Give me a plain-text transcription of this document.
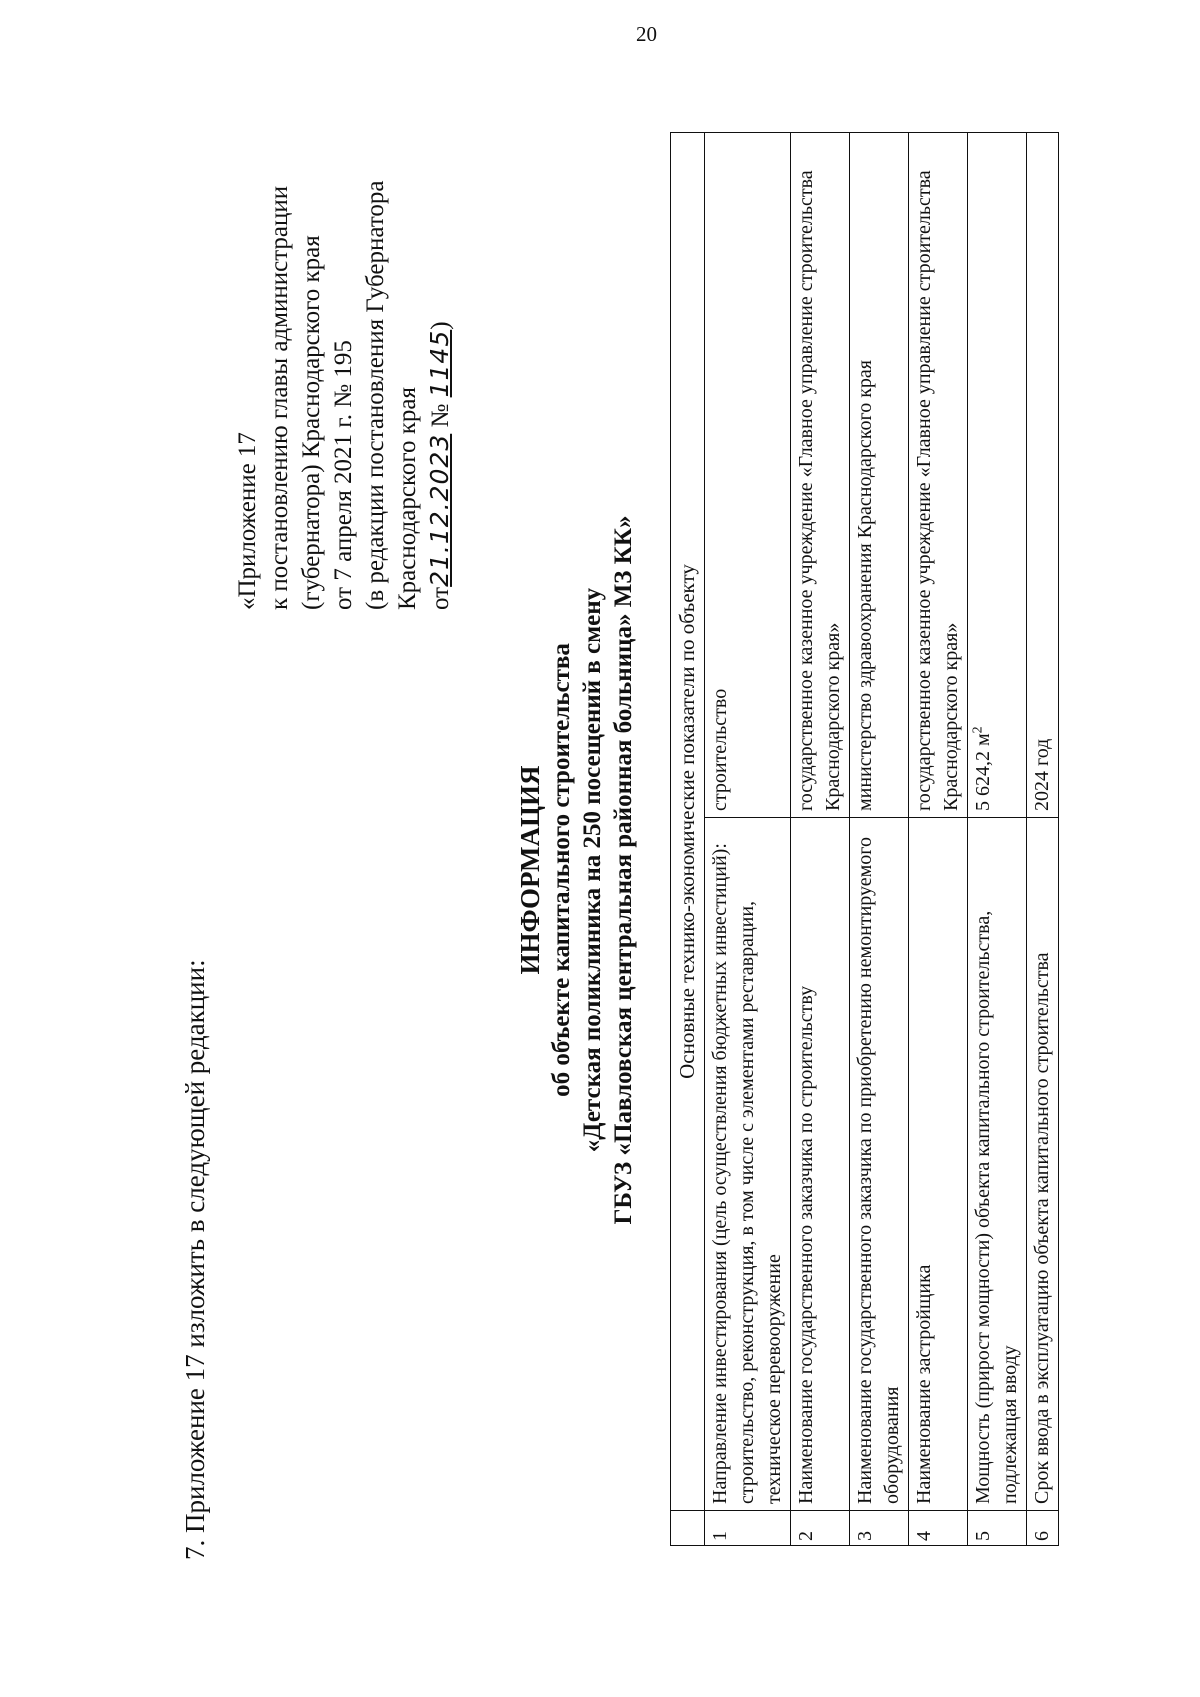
20
7. Приложение 17 изложить в следующей редакции:
«Приложение 17 к постановлению главы администрации (губернатора) Краснодарского края от 7 апреля 2021 г. № 195 (в редакции постановления Губернатора Краснодарского края от21.12.2023 № 1145)
ИНФОРМАЦИЯ об объекте капитального строительства «Детская поликлиника на 250 посещений в смену ГБУЗ «Павловская центральная районная больница» МЗ КК»
	Основные технико-экономические показатели по объекту	
1	Направление инвестирования (цель осуществления бюджетных инвестиций): строительство, реконструкция, в том числе с элементами реставрации, техническое перевооружение	строительство
2	Наименование государственного заказчика по строительству	государственное казенное учреждение «Главное управление строительства Краснодарского края»
3	Наименование государственного заказчика по приобретению немонтируемого оборудования	министерство здравоохранения Краснодарского края
4	Наименование застройщика	государственное казенное учреждение «Главное управление строительства Краснодарского края»
5	Мощность (прирост мощности) объекта капитального строительства, подлежащая вводу	5 624,2 $м^2$
6	Срок ввода в эксплуатацию объекта капитального строительства	2024 год
